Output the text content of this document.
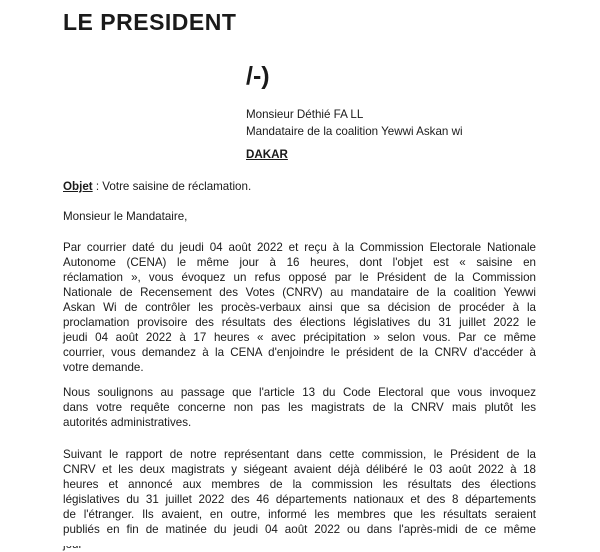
LE PRESIDENT
/-)
Monsieur Déthié FA LL
Mandataire de la coalition Yewwi Askan wi
DAKAR
Objet : Votre saisine de réclamation.
Monsieur le Mandataire,
Par courrier daté du jeudi 04 août 2022 et reçu à la Commission Electorale Nationale
Autonome (CENA) le même jour à 16 heures, dont l'objet est « saisine en
réclamation », vous évoquez un refus opposé par le Président de la Commission
Nationale de Recensement des Votes (CNRV) au mandataire de la coalition Yewwi
Askan Wi de contrôler les procès-verbaux ainsi que sa décision de procéder à la
proclamation provisoire des résultats des élections législatives du 31 juillet 2022 le
jeudi 04 août 2022 à 17 heures « avec précipitation » selon vous. Par ce même
courrier, vous demandez à la CENA d'enjoindre le président de la CNRV d'accéder à
votre demande.
Nous soulignons au passage que l'article 13 du Code Electoral que vous invoquez
dans votre requête concerne non pas les magistrats de la CNRV mais plutôt les
autorités administratives.
Suivant le rapport de notre représentant dans cette commission, le Président de la
CNRV et les deux magistrats y siégeant avaient déjà délibéré le 03 août 2022 à 18
heures et annoncé aux membres de la commission les résultats des élections
législatives du 31 juillet 2022 des 46 départements nationaux et des 8 départements
de l'étranger. Ils avaient, en outre, informé les membres que les résultats seraient
publiés en fin de matinée du jeudi 04 août 2022 ou dans l'après-midi de ce même
